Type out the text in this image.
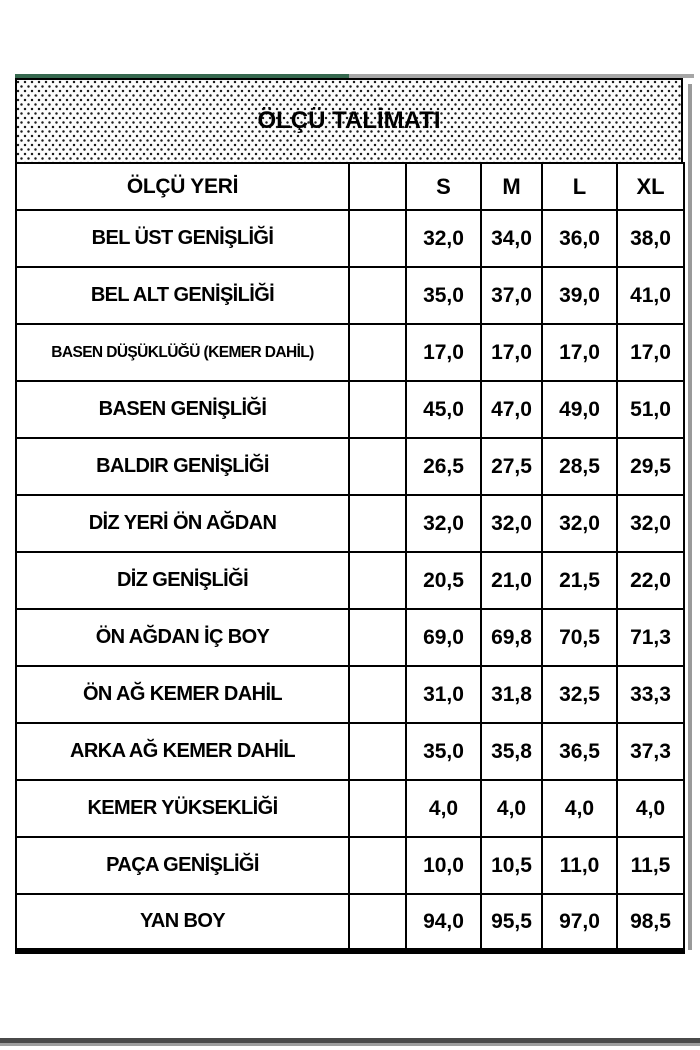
ÖLÇÜ TALİMATI
ÖLÇÜ YERİ		S	M	L	XL
BEL ÜST GENİŞLİĞİ		32,0	34,0	36,0	38,0
BEL ALT GENİŞİLİĞİ		35,0	37,0	39,0	41,0
BASEN DÜŞÜKLÜĞÜ (KEMER DAHİL)		17,0	17,0	17,0	17,0
BASEN GENİŞLİĞİ		45,0	47,0	49,0	51,0
BALDIR GENİŞLİĞİ		26,5	27,5	28,5	29,5
DİZ YERİ ÖN AĞDAN		32,0	32,0	32,0	32,0
DİZ GENİŞLİĞİ		20,5	21,0	21,5	22,0
ÖN AĞDAN İÇ BOY		69,0	69,8	70,5	71,3
ÖN AĞ KEMER DAHİL		31,0	31,8	32,5	33,3
ARKA AĞ KEMER DAHİL		35,0	35,8	36,5	37,3
KEMER YÜKSEKLİĞİ		4,0	4,0	4,0	4,0
PAÇA GENİŞLİĞİ		10,0	10,5	11,0	11,5
YAN BOY		94,0	95,5	97,0	98,5
